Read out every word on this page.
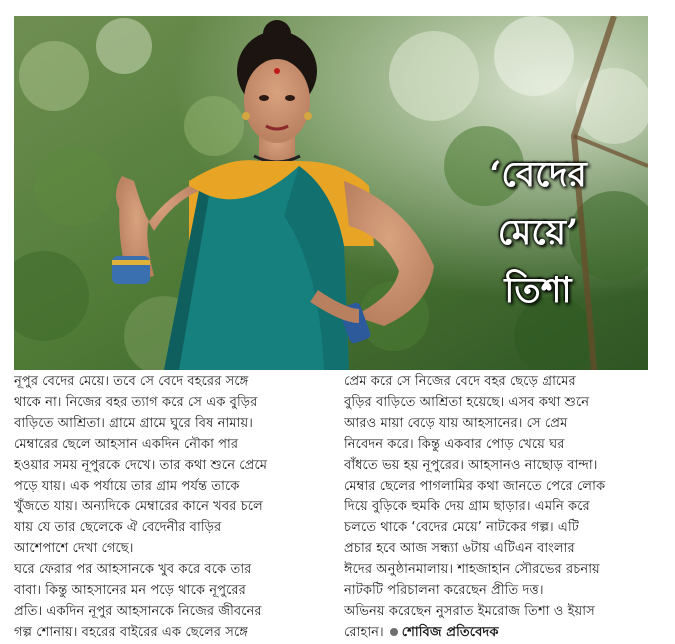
‘বেদের
মেয়ে’
তিশা
নূপুর বেদের মেয়ে। তবে সে বেদে বহরের সঙ্গে
থাকে না। নিজের বহর ত্যাগ করে সে এক বুড়ির
বাড়িতে আশ্রিতা। গ্রামে গ্রামে ঘুরে বিষ নামায়।
মেম্বারের ছেলে আহসান একদিন নৌকা পার
হওয়ার সময় নূপুরকে দেখে। তার কথা শুনে প্রেমে
পড়ে যায়। এক পর্যায়ে তার গ্রাম পর্যন্ত তাকে
খুঁজতে যায়। অন্যদিকে মেম্বারের কানে খবর চলে
যায় যে তার ছেলেকে ঐ বেদেনীর বাড়ির
আশেপাশে দেখা গেছে।
ঘরে ফেরার পর আহসানকে খুব করে বকে তার
বাবা। কিন্তু আহসানের মন পড়ে থাকে নূপুরের
প্রতি। একদিন নূপুর আহসানকে নিজের জীবনের
গল্প শোনায়। বহরের বাইরের এক ছেলের সঙ্গে
প্রেম করে সে নিজের বেদে বহর ছেড়ে গ্রামের
বুড়ির বাড়িতে আশ্রিতা হয়েছে। এসব কথা শুনে
আরও মায়া বেড়ে যায় আহসানের। সে প্রেম
নিবেদন করে। কিন্তু একবার পোড় খেয়ে ঘর
বাঁধতে ভয় হয় নূপুরের। আহসানও নাছোড় বান্দা।
মেম্বার ছেলের পাগলামির কথা জানতে পেরে লোক
দিয়ে বুড়িকে হুমকি দেয় গ্রাম ছাড়ার। এমনি করে
চলতে থাকে ‘বেদের মেয়ে’ নাটকের গল্প। এটি
প্রচার হবে আজ সন্ধ্যা ৬টায় এটিএন বাংলার
ঈদের অনুষ্ঠানমালায়। শাহজাহান সৌরভের রচনায়
নাটকটি পরিচালনা করেছেন প্রীতি দত্ত।
অভিনয় করেছেন নুসরাত ইমরোজ তিশা ও ইয়াস
রোহান। শোবিজ প্রতিবেদক
